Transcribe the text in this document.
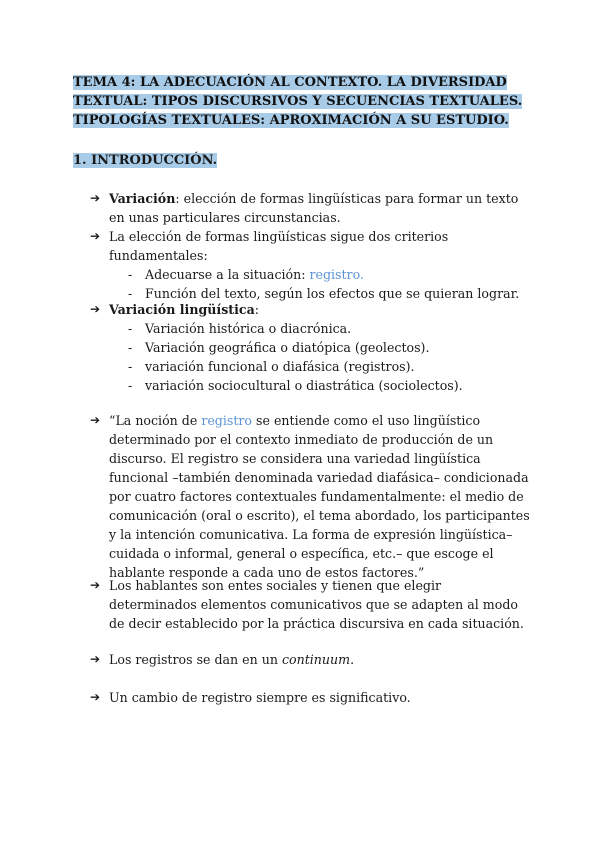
TEMA 4: LA ADECUACIÓN AL CONTEXTO. LA DIVERSIDAD
TEXTUAL: TIPOS DISCURSIVOS Y SECUENCIAS TEXTUALES.
TIPOLOGÍAS TEXTUALES: APROXIMACIÓN A SU ESTUDIO.
1. INTRODUCCIÓN.
➔ Variación: elección de formas lingüísticas para formar un texto en unas particulares circunstancias.
➔ La elección de formas lingüísticas sigue dos criterios fundamentales:
- Adecuarse a la situación: registro.
- Función del texto, según los efectos que se quieran lograr.
➔ Variación lingüística:
- Variación histórica o diacrónica.
- Variación geográfica o diatópica (geolectos).
- variación funcional o diafásica (registros).
- variación sociocultural o diastrática (sociolectos).
➔ “La noción de registro se entiende como el uso lingüístico determinado por el contexto inmediato de producción de un discurso. El registro se considera una variedad lingüística funcional –también denominada variedad diafásica– condicionada por cuatro factores contextuales fundamentalmente: el medio de comunicación (oral o escrito), el tema abordado, los participantes y la intención comunicativa. La forma de expresión lingüística– cuidada o informal, general o específica, etc.– que escoge el hablante responde a cada uno de estos factores.”
➔ Los hablantes son entes sociales y tienen que elegir determinados elementos comunicativos que se adapten al modo de decir establecido por la práctica discursiva en cada situación.
➔ Los registros se dan en un continuum.
➔ Un cambio de registro siempre es significativo.
